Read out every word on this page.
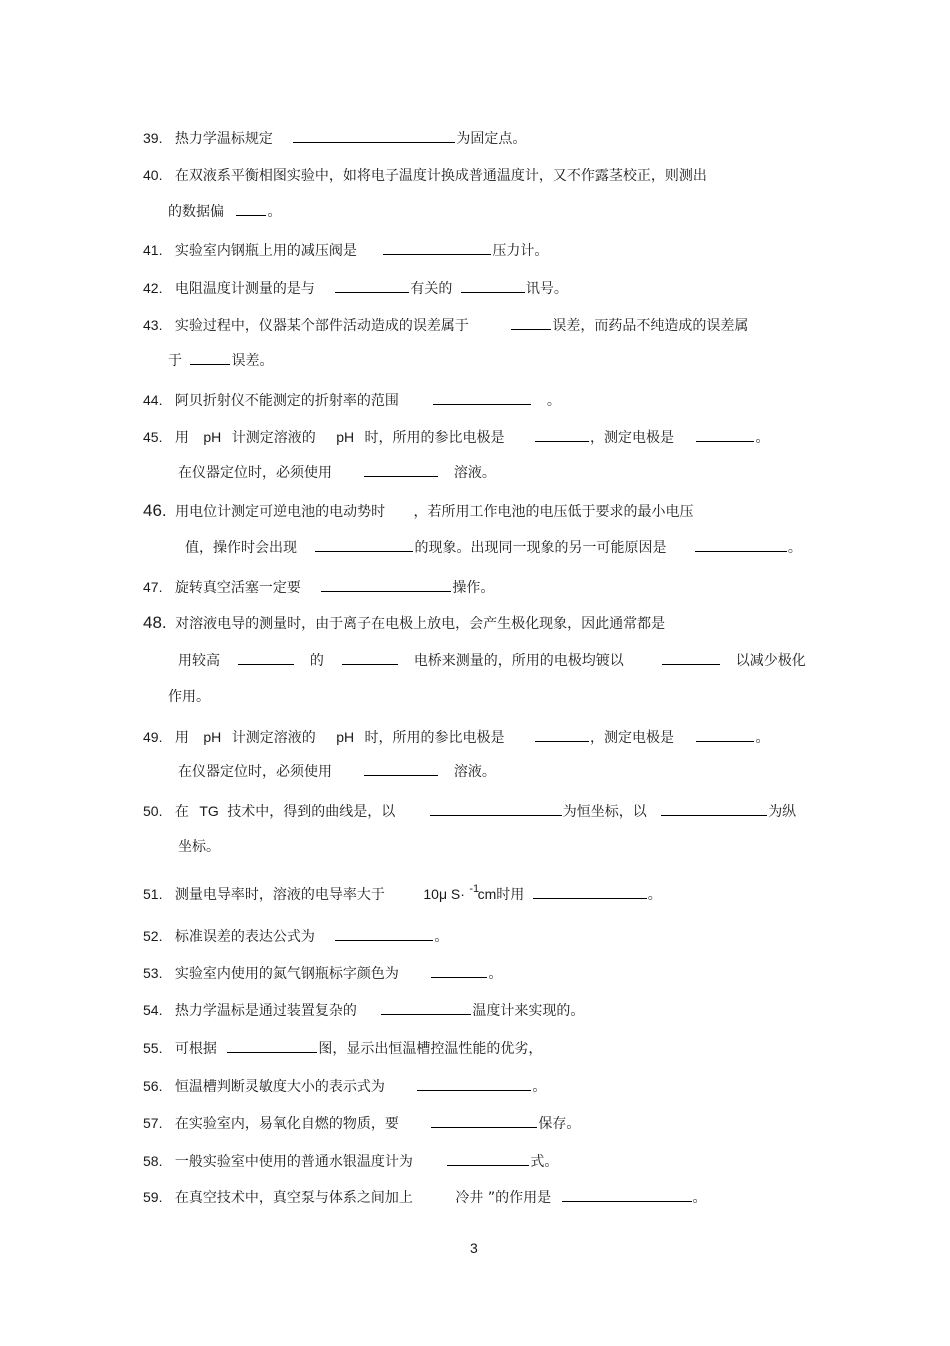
39. 热力学温标规定	为固定点。
40. 在双液系平衡相图实验中，如将电子温度计换成普通温度计，又不作露茎校正，则测出
的数据偏	。
41. 实验室内钢瓶上用的减压阀是	压力计。
42. 电阻温度计测量的是与	有关的	讯号。
43. 实验过程中，仪器某个部件活动造成的误差属于	误差，而药品不纯造成的误差属
于	误差。
44. 阿贝折射仪不能测定的折射率的范围	。
45. 用 pH 计测定溶液的 pH 时，所用的参比电极是	，测定电极是	。
在仪器定位时，必须使用	溶液。
46. 用电位计测定可逆电池的电动势时 ，若所用工作电池的电压低于要求的最小电压
值，操作时会出现	的现象。出现同一现象的另一可能原因是	。
47. 旋转真空活塞一定要	操作。
48. 对溶液电导的测量时，由于离子在电极上放电，会产生极化现象，因此通常都是
用较高	的	电桥来测量的，所用的电极均镀以	以减少极化
作用。
49. 用 pH 计测定溶液的 pH 时，所用的参比电极是	，测定电极是	。
在仪器定位时，必须使用	溶液。
50. 在 TG 技术中，得到的曲线是，以	为恒坐标，以	为纵
坐标。
51. 测量电导率时，溶液的电导率大于	10μ S· -1 cm时用	。
52. 标准误差的表达公式为	。
53. 实验室内使用的氮气钢瓶标字颜色为	。
54. 热力学温标是通过装置复杂的	温度计来实现的。
55. 可根据	图，显示出恒温槽控温性能的优劣，
56. 恒温槽判断灵敏度大小的表示式为	。
57. 在实验室内，易氧化自燃的物质，要	保存。
58. 一般实验室中使用的普通水银温度计为	式。
59. 在真空技术中，真空泵与体系之间加上	冷井 ”的作用是	。
3
